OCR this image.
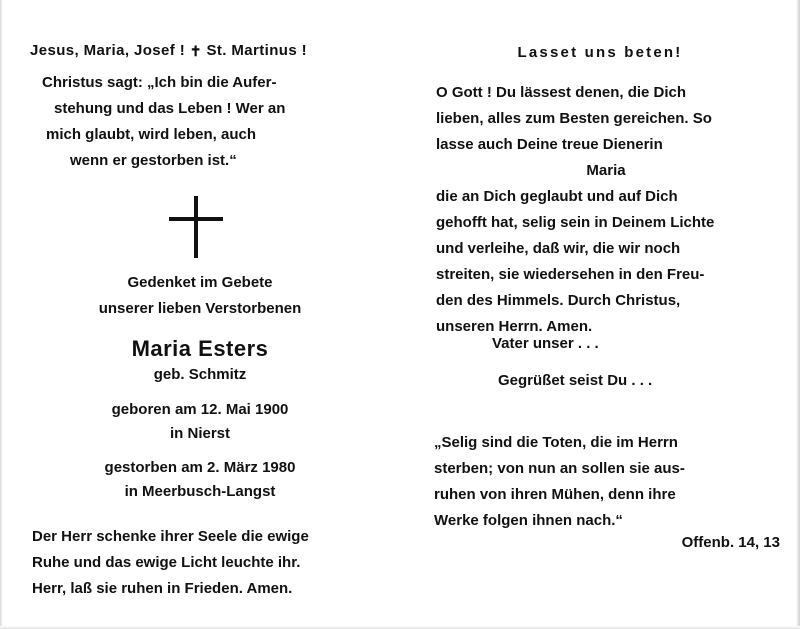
Jesus, Maria, Josef ! ✝ St. Martinus !
Christus sagt: „Ich bin die Aufer-
stehung und das Leben ! Wer an
mich glaubt, wird leben, auch
wenn er gestorben ist.“
Gedenket im Gebete
unserer lieben Verstorbenen
Maria Esters
geb. Schmitz
geboren am 12. Mai 1900
in Nierst
gestorben am 2. März 1980
in Meerbusch-Langst
Der Herr schenke ihrer Seele die ewige
Ruhe und das ewige Licht leuchte ihr.
Herr, laß sie ruhen in Frieden. Amen.
Lasset uns beten!
O Gott ! Du lässest denen, die Dich
lieben, alles zum Besten gereichen. So
lasse auch Deine treue Dienerin
Maria
die an Dich geglaubt und auf Dich
gehofft hat, selig sein in Deinem Lichte
und verleihe, daß wir, die wir noch
streiten, sie wiedersehen in den Freu-
den des Himmels. Durch Christus,
unseren Herrn. Amen.
Vater unser . . .
Gegrüßet seist Du . . .
„Selig sind die Toten, die im Herrn
sterben; von nun an sollen sie aus-
ruhen von ihren Mühen, denn ihre
Werke folgen ihnen nach.“
Offenb. 14, 13
